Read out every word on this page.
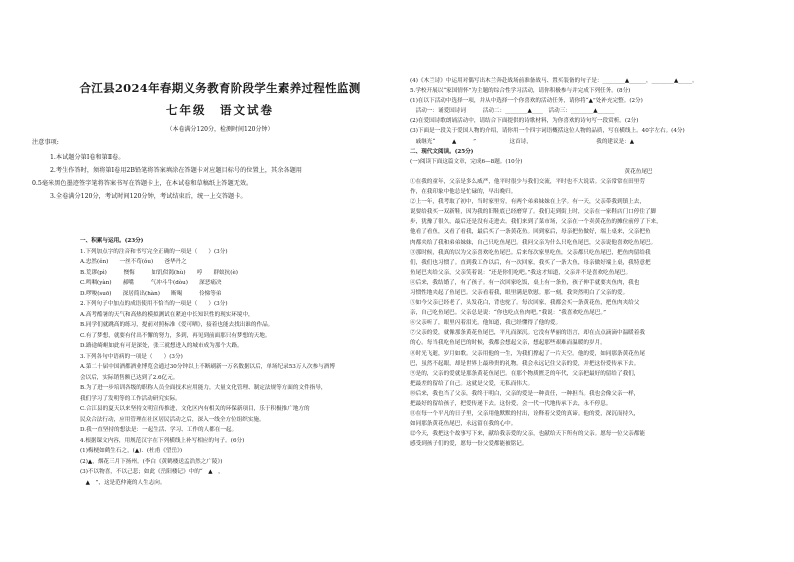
合江县2024年春期义务教育阶段学生素养过程性监测
七年级　语文试卷
（本卷满分120分，检测时间120分钟）
注意事项:
1.本试题分第Ⅰ卷和第Ⅱ卷。
2.考生作答时，须将第Ⅰ卷用2B铅笔将答案填涂在答题卡对应题目标号的位置上，其余各题用
0.5毫米黑色墨迹签字笔将答案书写在答题卡上，在本试卷和草稿纸上答题无效。
3.全卷满分120分，考试时间120分钟，考试结束后，统一上交答题卡。
一、积累与运用。(23分)
1.下列加点字的注音和书写完全正确的一项是（　　）(3分)
A.忠然(ěn)　　一丝不苟(ǒu)　　爸华丹之
B.荒谬(pì)　　　懊悔　　　如饥似渴(hù)　　哼　　群蚁抗(è)
C.鸣咽(yàn)　　郝嘴　　　气冲斗牛(dòu)　　深恶痛决
D.啰唆(suō)　　深居简出(hàn)　　断喝　　　伶悌等弟
2.下列句子中加点的成语使用不恰当的一项是（　　）(3分)
A.高考酷暑的天气和高热的模拟测试在紧迫中长知识性的现实环境中，
B.同学们就跳高的练习，提前对照标准《爱可晒》，接着也能去找出谁的作品。
C.有了梦想，就要有付出不懈的努力，多到，再见到前面那只有梦想的天地。
D.路途崎岖如此有可是深处，张三就想进入的城市成为那个大路。
3.下列各句中语病的一项是（　　）(3分)
A.第二十届中国酒都酒业博览会通过30分钟以上不断刷新一万名数据以后，单场纪录53万人次参与酒博
会以后，实际销售额已达到了2.6亿元。
B.为了进一步培训各级的职称人员全面技术应用能力，大量文化管理、制定法规等方面的文件指导，
我们学习了发明等的工作活动研究实际。
C.合江县的夏天以来坚持文明宣传推进，文化区内有相关的环保新项目，乐于积极推广地方的
民众合法行动，应用管理在社区居民活动之后，深入一线全方位组织实施。
D.我一直坚持的想法是：一起生活、学习、工作的人都在一起。
4.根据课文内容，用规范汉字在下列横线上补写相应的句子。(6分)
(1)梅梗如鹤生石之，(▲)．(杜甫《望岳》)
(2)▲，烟花三月下扬州。(李白《黄鹤楼送孟浩然之广陵》)
(3)不以物喜，不以己悲；如此《岳阳楼记》中的“　▲　，
　▲　”，这是范仲淹的人生志向。
(4)《木兰诗》中运用对偶写出木兰奔赴战场前准备战马、置买装备的句子是：________▲______，________▲_____。
5.学校开展以“家国情怀”为主题的综合性学习活动，请你积极参与并完成下列任务。(8分)
(1)在以下活动中选择一项，并从中选择一个你喜欢的活动任务，请你将“▲”处补充完整。(2分)
　活动一：诵爱国诗词　　　活动二：________▲____　活动三：________▲______
(2)在爱国诗歌朗诵活动中，请结合下面提供的诗歌材料，为你喜欢的诗句写一段赏析。(2分)
(3)下面是一段关于爱国人物的介绍，请你用一个四字词语概括这位人物的品质，写在横线上。40字左右。(4分)
　戚继光“　　　▲　　　”　　　　　　这首诗，　　　　　　　　　　　　我的建议是：▲
二、现代文阅读。(25分)
(一)阅读下面这篇文章，完成6—8题。(10分)
　　　　　　　　　　　　　　　　　黄花鱼尾巴
①在我的童年，父亲是多么威严，他平时很少与我们交流，平时也不大说话。父亲常常在田里劳
作，在我印象中他总是忙碌的，早出晚归。
②上一年，我考取了初中，当时家里穷，有两个弟弟妹妹在上学。有一天，父亲带我到镇上去，
说要给我买一双新鞋，因为我的旧鞋底已经磨穿了。我们走到街上时，父亲在一家鞋店门口停住了脚
步，犹豫了很久，最后还是没有走进去。我们来到了菜市场，父亲在一个卖黄花鱼的摊位前停了下来，
他看了看鱼，又看了看我，最后买了一条黄花鱼。回到家后，母亲把鱼做好，端上桌来，父亲把鱼
肉都夹给了我和弟弟妹妹，自己只吃鱼尾巴。我问父亲为什么只吃鱼尾巴，父亲说他喜欢吃鱼尾巴。
③那时候，我真的以为父亲喜欢吃鱼尾巴。后来每次家里吃鱼，父亲都只吃鱼尾巴，把鱼肉留给我
们，我们也习惯了。直到我工作以后，有一次回家，我买了一条大鱼，母亲做好端上桌，我特意把
鱼尾巴夹给父亲，父亲笑着说：“还是你们吃吧。”我这才知道，父亲并不是喜欢吃鱼尾巴。
④后来，我结婚了，有了孩子。有一次回家吃饭，桌上有一条鱼，孩子伸手就要夹鱼肉，我也
习惯性地夹起了鱼尾巴。父亲看着我，眼里满是欣慰。那一刻，我突然明白了父亲的爱。
⑤如今父亲已经老了，头发花白，背也驼了。每次回家，我都会买一条黄花鱼，把鱼肉夹给父
亲，自己吃鱼尾巴。父亲总是说：“你也吃点鱼肉吧。”我说：“我喜欢吃鱼尾巴。”
⑥父亲听了，眼里闪着泪光，他知道，我已经懂得了他的爱。
⑦父亲的爱，就像那条黄花鱼尾巴，平凡而深沉。它没有华丽的语言，却在点点滴滴中温暖着我
的心。每当我吃鱼尾巴的时候，我都会想起父亲，想起那些艰难而温暖的岁月。
⑧时光飞逝，岁月如歌。父亲用他的一生，为我们撑起了一片天空。他的爱，如同那条黄花鱼尾
巴，虽然不起眼，却是世界上最珍贵的礼物。我会永远记住父亲的爱，并把这份爱传承下去。
⑨是的，父亲的爱就是那条黄花鱼尾巴。在那个物质匮乏的年代，父亲把最好的留给了我们，
把最差的留给了自己。这就是父爱，无私而伟大。
⑩后来，我也当了父亲，我终于明白，父亲的爱是一种责任，一种担当。我也会像父亲一样，
把最好的留给孩子，把爱传递下去。这份爱，会一代一代地传承下去，永不停息。
⑪在每一个平凡的日子里，父亲用他默默的付出，诠释着父爱的真谛。他的爱，深沉而持久，
如同那条黄花鱼尾巴，永远留在我的心中。
⑫今天，我把这个故事写下来，献给我亲爱的父亲，也献给天下所有的父亲。愿每一位父亲都能
感受到孩子们的爱，愿每一份父爱都能被铭记。
